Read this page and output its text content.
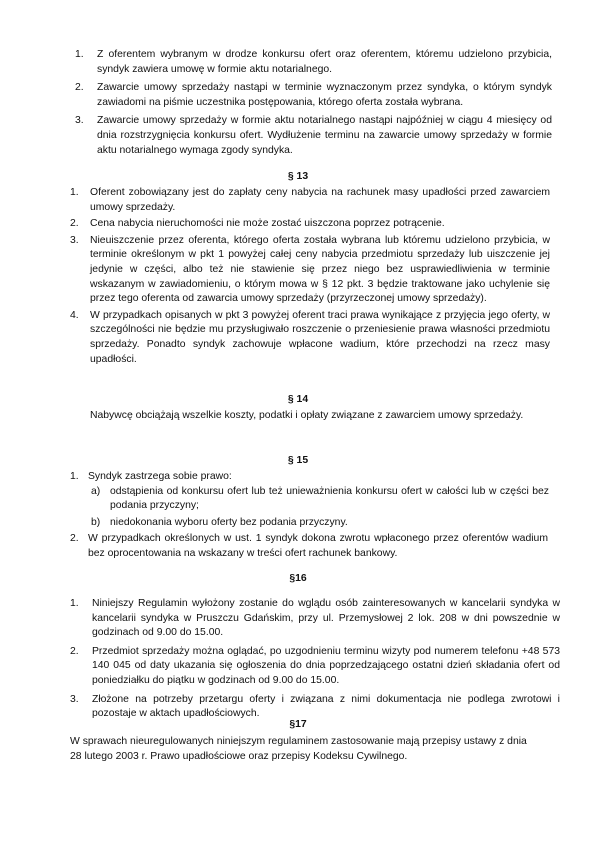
1. Z oferentem wybranym w drodze konkursu ofert oraz oferentem, któremu udzielono przybicia, syndyk zawiera umowę w formie aktu notarialnego.
2. Zawarcie umowy sprzedaży nastąpi w terminie wyznaczonym przez syndyka, o którym syndyk zawiadomi na piśmie uczestnika postępowania, którego oferta została wybrana.
3. Zawarcie umowy sprzedaży w formie aktu notarialnego nastąpi najpóźniej w ciągu 4 miesięcy od dnia rozstrzygnięcia konkursu ofert. Wydłużenie terminu na zawarcie umowy sprzedaży w formie aktu notarialnego wymaga zgody syndyka.
§ 13
1. Oferent zobowiązany jest do zapłaty ceny nabycia na rachunek masy upadłości przed zawarciem umowy sprzedaży.
2. Cena nabycia nieruchomości nie może zostać uiszczona poprzez potrącenie.
3. Nieuiszczenie przez oferenta, którego oferta została wybrana lub któremu udzielono przybicia, w terminie określonym w pkt 1 powyżej całej ceny nabycia przedmiotu sprzedaży lub uiszczenie jej jedynie w części, albo też nie stawienie się przez niego bez usprawiedliwienia w terminie wskazanym w zawiadomieniu, o którym mowa w § 12 pkt. 3 będzie traktowane jako uchylenie się przez tego oferenta od zawarcia umowy sprzedaży (przyrzeczonej umowy sprzedaży).
4. W przypadkach opisanych w pkt 3 powyżej oferent traci prawa wynikające z przyjęcia jego oferty, w szczególności nie będzie mu przysługiwało roszczenie o przeniesienie prawa własności przedmiotu sprzedaży. Ponadto syndyk zachowuje wpłacone wadium, które przechodzi na rzecz masy upadłości.
§ 14
Nabywcę obciążają wszelkie koszty, podatki i opłaty związane z zawarciem umowy sprzedaży.
§ 15
1. Syndyk zastrzega sobie prawo:
a) odstąpienia od konkursu ofert lub też unieważnienia konkursu ofert w całości lub w części bez podania przyczyny;
b) niedokonania wyboru oferty bez podania przyczyny.
2. W przypadkach określonych w ust. 1 syndyk dokona zwrotu wpłaconego przez oferentów wadium bez oprocentowania na wskazany w treści ofert rachunek bankowy.
§16
1. Niniejszy Regulamin wyłożony zostanie do wglądu osób zainteresowanych w kancelarii syndyka w kancelarii syndyka w Pruszczu Gdańskim, przy ul. Przemysłowej 2 lok. 208 w dni powszednie w godzinach od 9.00 do 15.00.
2. Przedmiot sprzedaży można oglądać, po uzgodnieniu terminu wizyty pod numerem telefonu +48 573 140 045 od daty ukazania się ogłoszenia do dnia poprzedzającego ostatni dzień składania ofert od poniedziałku do piątku w godzinach od 9.00 do 15.00.
3. Złożone na potrzeby przetargu oferty i związana z nimi dokumentacja nie podlega zwrotowi i pozostaje w aktach upadłościowych.
§17
W sprawach nieuregulowanych niniejszym regulaminem zastosowanie mają przepisy ustawy z dnia 28 lutego 2003 r. Prawo upadłościowe oraz przepisy Kodeksu Cywilnego.
